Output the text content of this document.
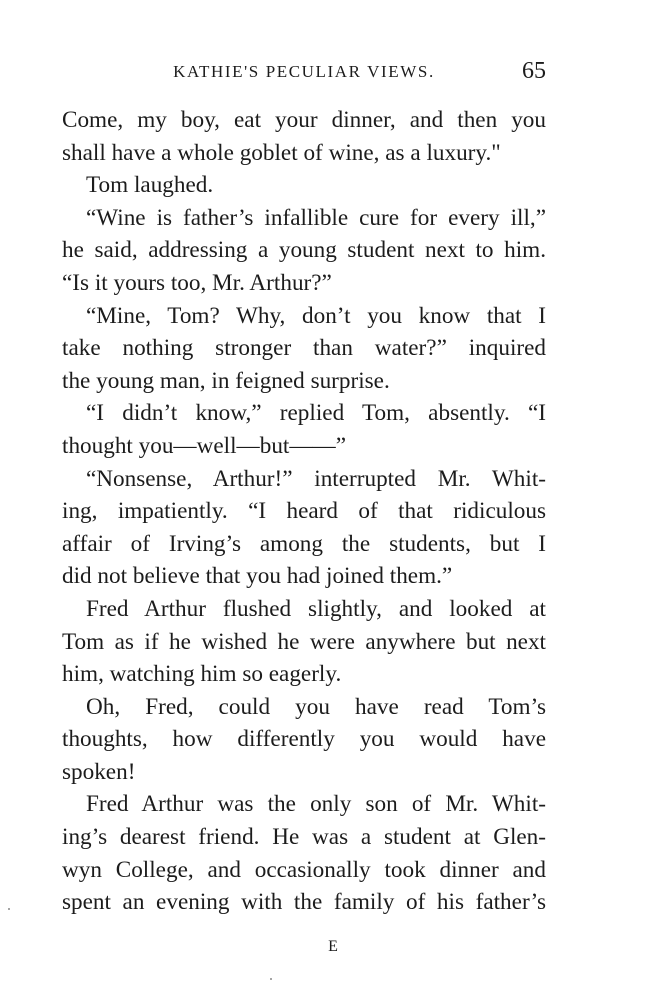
KATHIE'S PECULIAR VIEWS.	65
Come, my boy, eat your dinner, and then you
shall have a whole goblet of wine, as a luxury."
Tom laughed.
“Wine is father’s infallible cure for every ill,”
he said, addressing a young student next to him.
“Is it yours too, Mr. Arthur?”
“Mine, Tom? Why, don’t you know that I
take nothing stronger than water?” inquired
the young man, in feigned surprise.
“I didn’t know,” replied Tom, absently. “I
thought you—well—but——”
“Nonsense, Arthur!” interrupted Mr. Whit-
ing, impatiently. “I heard of that ridiculous
affair of Irving’s among the students, but I
did not believe that you had joined them.”
Fred Arthur flushed slightly, and looked at
Tom as if he wished he were anywhere but next
him, watching him so eagerly.
Oh, Fred, could you have read Tom’s
thoughts, how differently you would have
spoken!
Fred Arthur was the only son of Mr. Whit-
ing’s dearest friend. He was a student at Glen-
wyn College, and occasionally took dinner and
spent an evening with the family of his father’s
E
